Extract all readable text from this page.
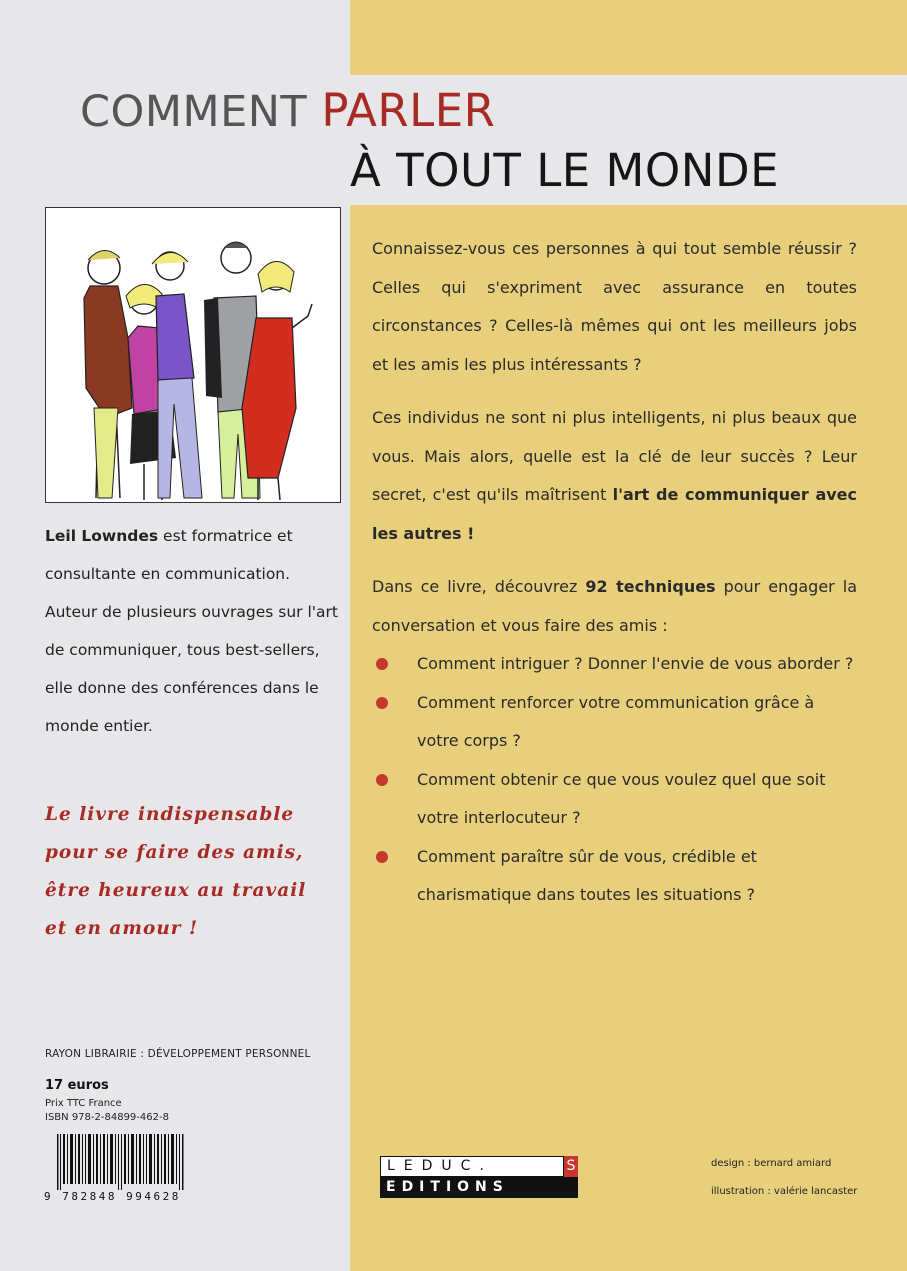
COMMENT PARLER
À TOUT LE MONDE
Leil Lowndes est formatrice et consultante en communication. Auteur de plusieurs ouvrages sur l'art de communiquer, tous best-sellers, elle donne des conférences dans le monde entier.
Le livre indispensable
pour se faire des amis,
être heureux au travail
et en amour !

Connaissez-vous ces personnes à qui tout semble réussir ? Celles qui s'expriment avec assurance en toutes circonstances ? Celles-là mêmes qui ont les meilleurs jobs et les amis les plus intéressants ?

Ces individus ne sont ni plus intelligents, ni plus beaux que vous. Mais alors, quelle est la clé de leur succès ? Leur secret, c'est qu'ils maîtrisent l'art de communiquer avec les autres !

Dans ce livre, découvrez 92 techniques pour engager la conversation et vous faire des amis :

Comment intriguer ? Donner l'envie de vous aborder ?
Comment renforcer votre communication grâce à votre corps ?
Comment obtenir ce que vous voulez quel que soit votre interlocuteur ?
Comment paraître sûr de vous, crédible et charismatique dans toutes les situations ?
RAYON LIBRAIRIE : DÉVELOPPEMENT PERSONNEL
17 euros
Prix TTC France
ISBN 978-2-84899-462-8
9 782848 994628
LEDUC.	S
EDITIONS
design : bernard amiard
illustration : valérie lancaster
